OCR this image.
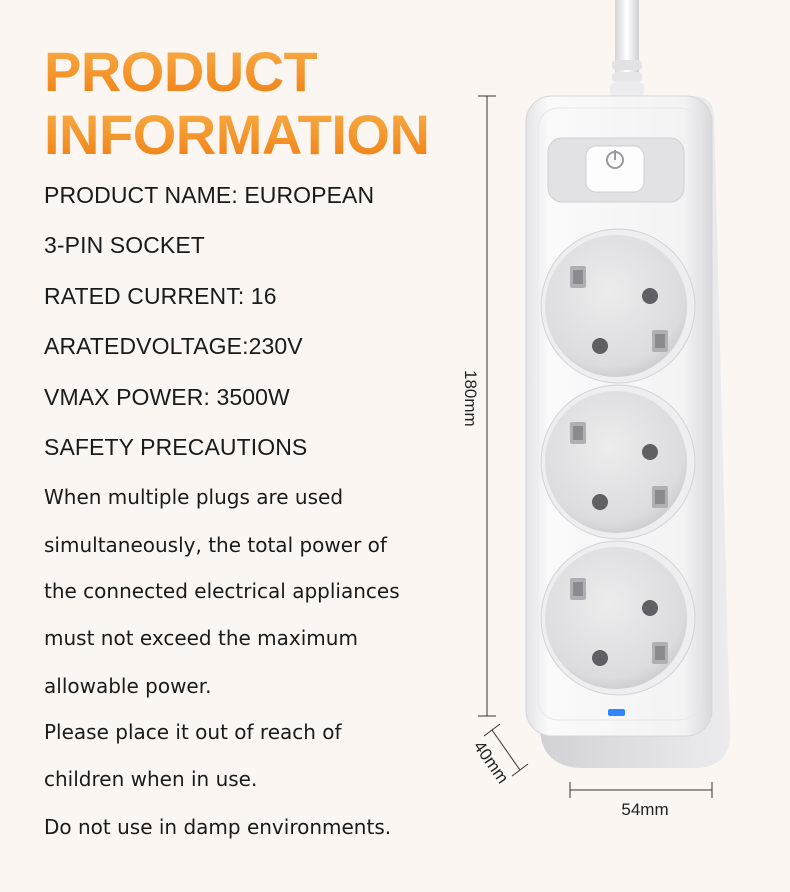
PRODUCT
INFORMATION

PRODUCT NAME: EUROPEAN

3-PIN SOCKET

RATED CURRENT: 16

ARATEDVOLTAGE:230V

VMAX POWER: 3500W

SAFETY PRECAUTIONS

When multiple plugs are used

simultaneously, the total power of

the connected electrical appliances

must not exceed the maximum

allowable power.

Please place it out of reach of

children when in use.

Do not use in damp environments.

180mm
40mm
54mm
